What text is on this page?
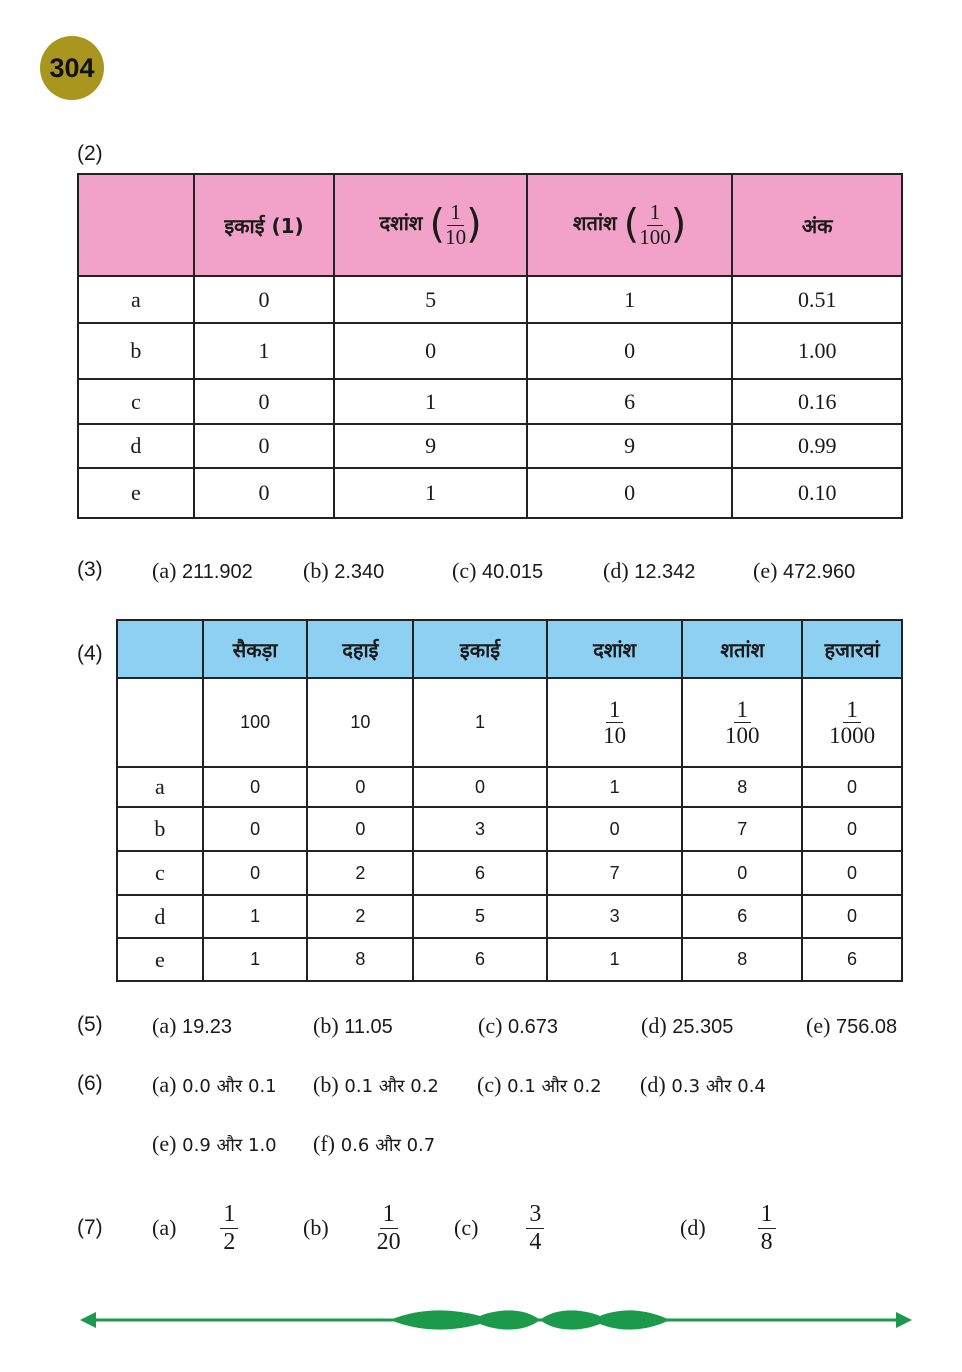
304
(2)
	इकाई (1)	दशांश ( $\frac{1}{10}$ )	शतांश ( $\frac{1}{100}$ )	अंक
a	0	5	1	0.51
b	1	0	0	1.00
c	0	1	6	0.16
d	0	9	9	0.99
e	0	1	0	0.10
(3) (a) 211.902 (b) 2.340	(c) 40.015	(d) 12.342	(e) 472.960
(4)
		सैकड़ा	दहाई	इकाई	दशांश	शतांश	हजारवां
	100	10	1	$\frac{1}{10}$	$\frac{1}{100}$	$\frac{1}{1000}$

a	0	0	0	1	8	0
b	0	0	3	0	7	0
c	0	2	6	7	0	0
d	1	2	5	3	6	0
e	1	8	6	1	8	6
(5) (a) 19.23	(b) 11.05	(c) 0.673	(d) 25.305	(e) 756.08
(6) (a) 0.0 और 0.1 (b) 0.1 और 0.2 (c) 0.1 और 0.2 (d) 0.3 और 0.4
(e) 0.9 और 1.0 (f) 0.6 और 0.7
(7) $(a) \frac{1}{2}$	$(b) \frac{1}{20} (c) \frac{3}{4}$	$(d) \frac{1}{8}$
